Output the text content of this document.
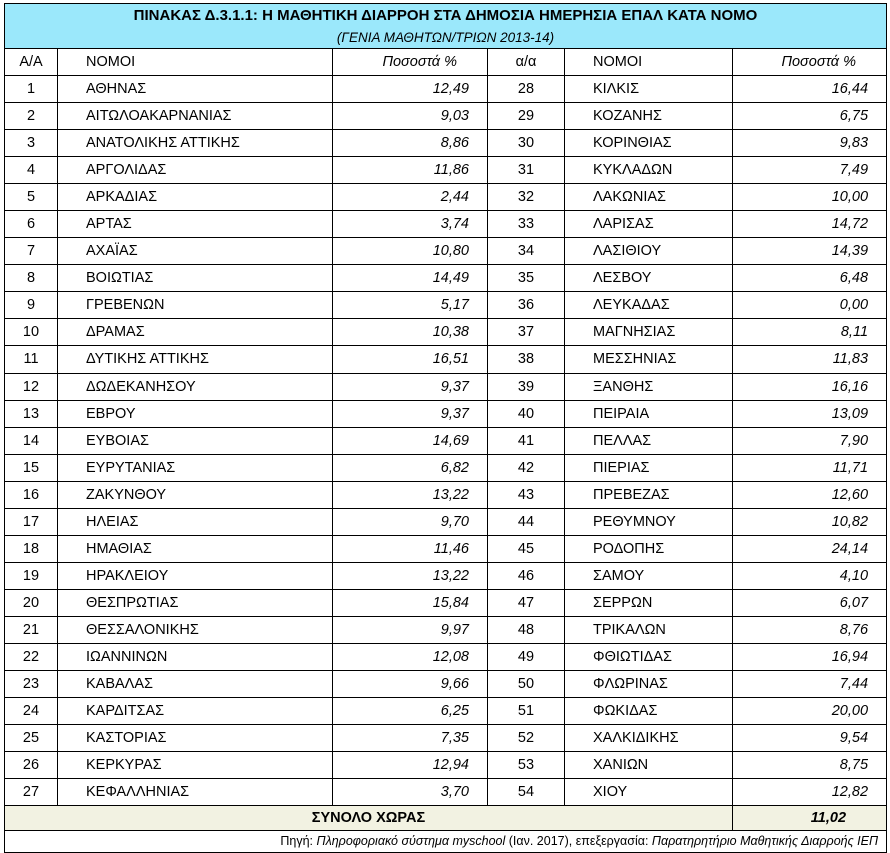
ΠΙΝΑΚΑΣ Δ.3.1.1: Η ΜΑΘΗΤΙΚΗ ΔΙΑΡΡΟΗ ΣΤΑ ΔΗΜΟΣΙΑ ΗΜΕΡΗΣΙΑ ΕΠΑΛ ΚΑΤΑ ΝΟΜΟ					
(ΓΕΝΙΑ ΜΑΘΗΤΩΝ/ΤΡΙΩΝ 2013-14)					
Α/Α	ΝΟΜΟΙ	Ποσοστά %	α/α	ΝΟΜΟΙ	Ποσοστά %
1	ΑΘΗΝΑΣ	12,49	28	ΚΙΛΚΙΣ	16,44
2	ΑΙΤΩΛΟΑΚΑΡΝΑΝΙΑΣ	9,03	29	ΚΟΖΑΝΗΣ	6,75
3	ΑΝΑΤΟΛΙΚΗΣ ΑΤΤΙΚΗΣ	8,86	30	ΚΟΡΙΝΘΙΑΣ	9,83
4	ΑΡΓΟΛΙΔΑΣ	11,86	31	ΚΥΚΛΑΔΩΝ	7,49
5	ΑΡΚΑΔΙΑΣ	2,44	32	ΛΑΚΩΝΙΑΣ	10,00
6	ΑΡΤΑΣ	3,74	33	ΛΑΡΙΣΑΣ	14,72
7	ΑΧΑΪΑΣ	10,80	34	ΛΑΣΙΘΙΟΥ	14,39
8	ΒΟΙΩΤΙΑΣ	14,49	35	ΛΕΣΒΟΥ	6,48
9	ΓΡΕΒΕΝΩΝ	5,17	36	ΛΕΥΚΑΔΑΣ	0,00
10	ΔΡΑΜΑΣ	10,38	37	ΜΑΓΝΗΣΙΑΣ	8,11
11	ΔΥΤΙΚΗΣ ΑΤΤΙΚΗΣ	16,51	38	ΜΕΣΣΗΝΙΑΣ	11,83
12	ΔΩΔΕΚΑΝΗΣΟΥ	9,37	39	ΞΑΝΘΗΣ	16,16
13	ΕΒΡΟΥ	9,37	40	ΠΕΙΡΑΙΑ	13,09
14	ΕΥΒΟΙΑΣ	14,69	41	ΠΕΛΛΑΣ	7,90
15	ΕΥΡΥΤΑΝΙΑΣ	6,82	42	ΠΙΕΡΙΑΣ	11,71
16	ΖΑΚΥΝΘΟΥ	13,22	43	ΠΡΕΒΕΖΑΣ	12,60
17	ΗΛΕΙΑΣ	9,70	44	ΡΕΘΥΜΝΟΥ	10,82
18	ΗΜΑΘΙΑΣ	11,46	45	ΡΟΔΟΠΗΣ	24,14
19	ΗΡΑΚΛΕΙΟΥ	13,22	46	ΣΑΜΟΥ	4,10
20	ΘΕΣΠΡΩΤΙΑΣ	15,84	47	ΣΕΡΡΩΝ	6,07
21	ΘΕΣΣΑΛΟΝΙΚΗΣ	9,97	48	ΤΡΙΚΑΛΩΝ	8,76
22	ΙΩΑΝΝΙΝΩΝ	12,08	49	ΦΘΙΩΤΙΔΑΣ	16,94
23	ΚΑΒΑΛΑΣ	9,66	50	ΦΛΩΡΙΝΑΣ	7,44
24	ΚΑΡΔΙΤΣΑΣ	6,25	51	ΦΩΚΙΔΑΣ	20,00
25	ΚΑΣΤΟΡΙΑΣ	7,35	52	ΧΑΛΚΙΔΙΚΗΣ	9,54
26	ΚΕΡΚΥΡΑΣ	12,94	53	ΧΑΝΙΩΝ	8,75
27	ΚΕΦΑΛΛΗΝΙΑΣ	3,70	54	ΧΙΟΥ	12,82
ΣΥΝΟΛΟ ΧΩΡΑΣ					11,02
Πηγή: Πληροφοριακό σύστημα myschool (Ιαν. 2017), επεξεργασία: Παρατηρητήριο Μαθητικής Διαρροής ΙΕΠ					
